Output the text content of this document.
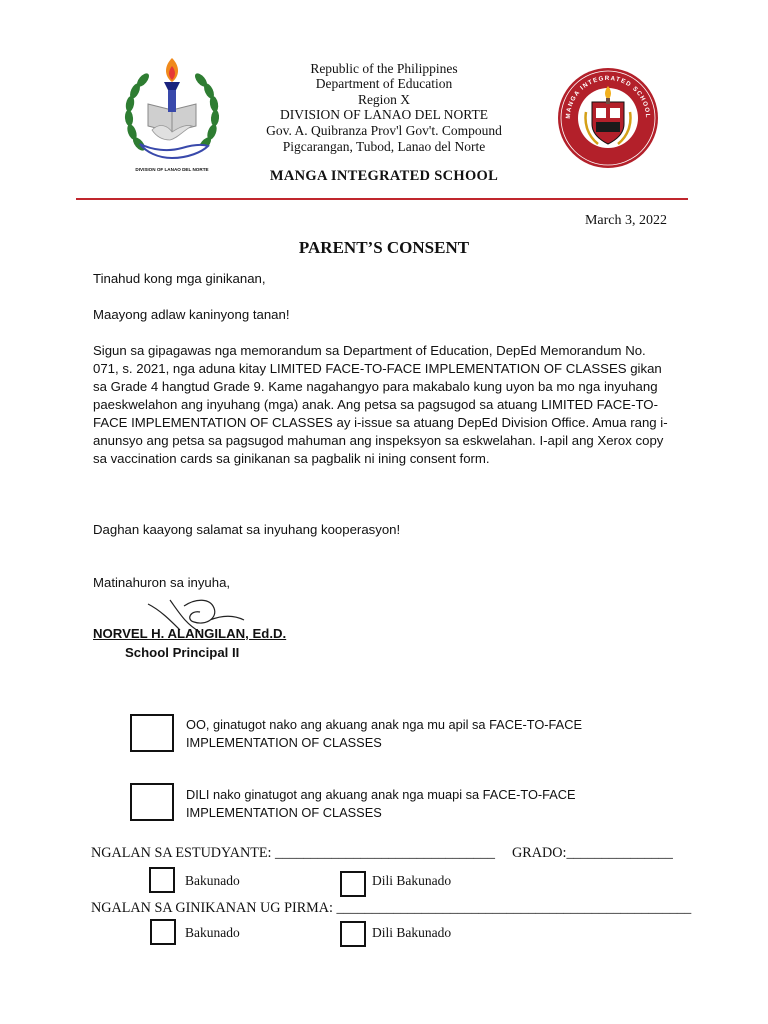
DIVISION OF LANAO DEL NORTE
Republic of the Philippines
Department of Education
Region X
DIVISION OF LANAO DEL NORTE
Gov. A. Quibranza Prov'l Gov't. Compound
Pigcarangan, Tubod, Lanao del Norte
MANGA INTEGRATED SCHOOL
MANGA INTEGRATED SCHOOL
March 3, 2022
PARENT’S CONSENT
Tinahud kong mga ginikanan,
Maayong adlaw kaninyong tanan!
Sigun sa gipagawas nga memorandum sa Department of Education, DepEd Memorandum No. 071, s. 2021, nga aduna kitay LIMITED FACE-TO-FACE IMPLEMENTATION OF CLASSES gikan sa Grade 4 hangtud Grade 9. Kame nagahangyo para makabalo kung uyon ba mo nga inyuhang paeskwelahon ang inyuhang (mga) anak. Ang petsa sa pagsugod sa atuang LIMITED FACE-TO-FACE IMPLEMENTATION OF CLASSES ay i-issue sa atuang DepEd Division Office. Amua rang i-anunsyo ang petsa sa pagsugod mahuman ang inspeksyon sa eskwelahan. I-apil ang Xerox copy sa vaccination cards sa ginikanan sa pagbalik ni ining consent form.
Daghan kaayong salamat sa inyuhang kooperasyon!
Matinahuron sa inyuha,
NORVEL H. ALANGILAN, Ed.D.
School Principal II
OO, ginatugot nako ang akuang anak nga mu apil sa FACE-TO-FACE IMPLEMENTATION OF CLASSES
DILI nako ginatugot ang akuang anak nga muapi sa FACE-TO-FACE IMPLEMENTATION OF CLASSES
NGALAN SA ESTUDYANTE: _______________________________ GRADO:_______________
Bakunado	Dili Bakunado
NGALAN SA GINIKANAN UG PIRMA: __________________________________________________
Bakunado	Dili Bakunado
